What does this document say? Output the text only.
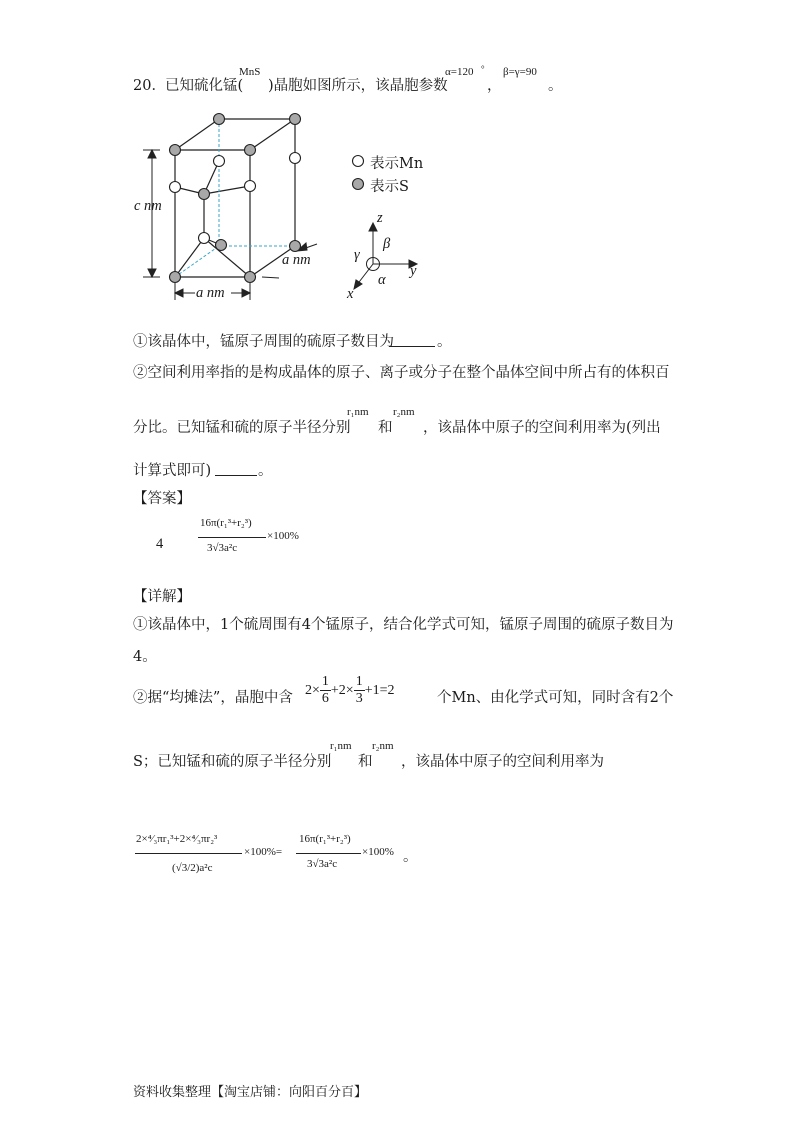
20． 已知硫化锰(
MnS
)晶胞如图所示，该晶胞参数
α=120 °
，
β=γ=90
。
c nm
a nm
a nm
表示Mn
表示S
z
y
x
β
γ
α
①该晶体中，锰原子周围的硫原子数目为	。
②空间利用率指的是构成晶体的原子、离子或分子在整个晶体空间中所占有的体积百
分比。已知锰和硫的原子半径分别
r₁nm
和
r₂nm
，该晶体中原子的空间利用率为(列出
计算式即可)	。
【答案】
4
16π(r₁³+r₂³)
3√3a²c
×100%
【详解】
①该晶体中，1个硫周围有4个锰原子，结合化学式可知，锰原子周围的硫原子数目为
4。
②据“均摊法”，晶胞中含 $2\times \frac{1}{6} +2\times \frac{1}{3} +1=2$	个Mn、由化学式可知，同时含有2个
S；已知锰和硫的原子半径分别
r₁nm
和
r₂nm
，该晶体中原子的空间利用率为
2×⁴⁄₃πr₁³+2×⁴⁄₃πr₂³
(√3/2)a²c
×100%=
16π(r₁³+r₂³)
3√3a²c
×100% 。
资料收集整理【淘宝店铺：向阳百分百】
